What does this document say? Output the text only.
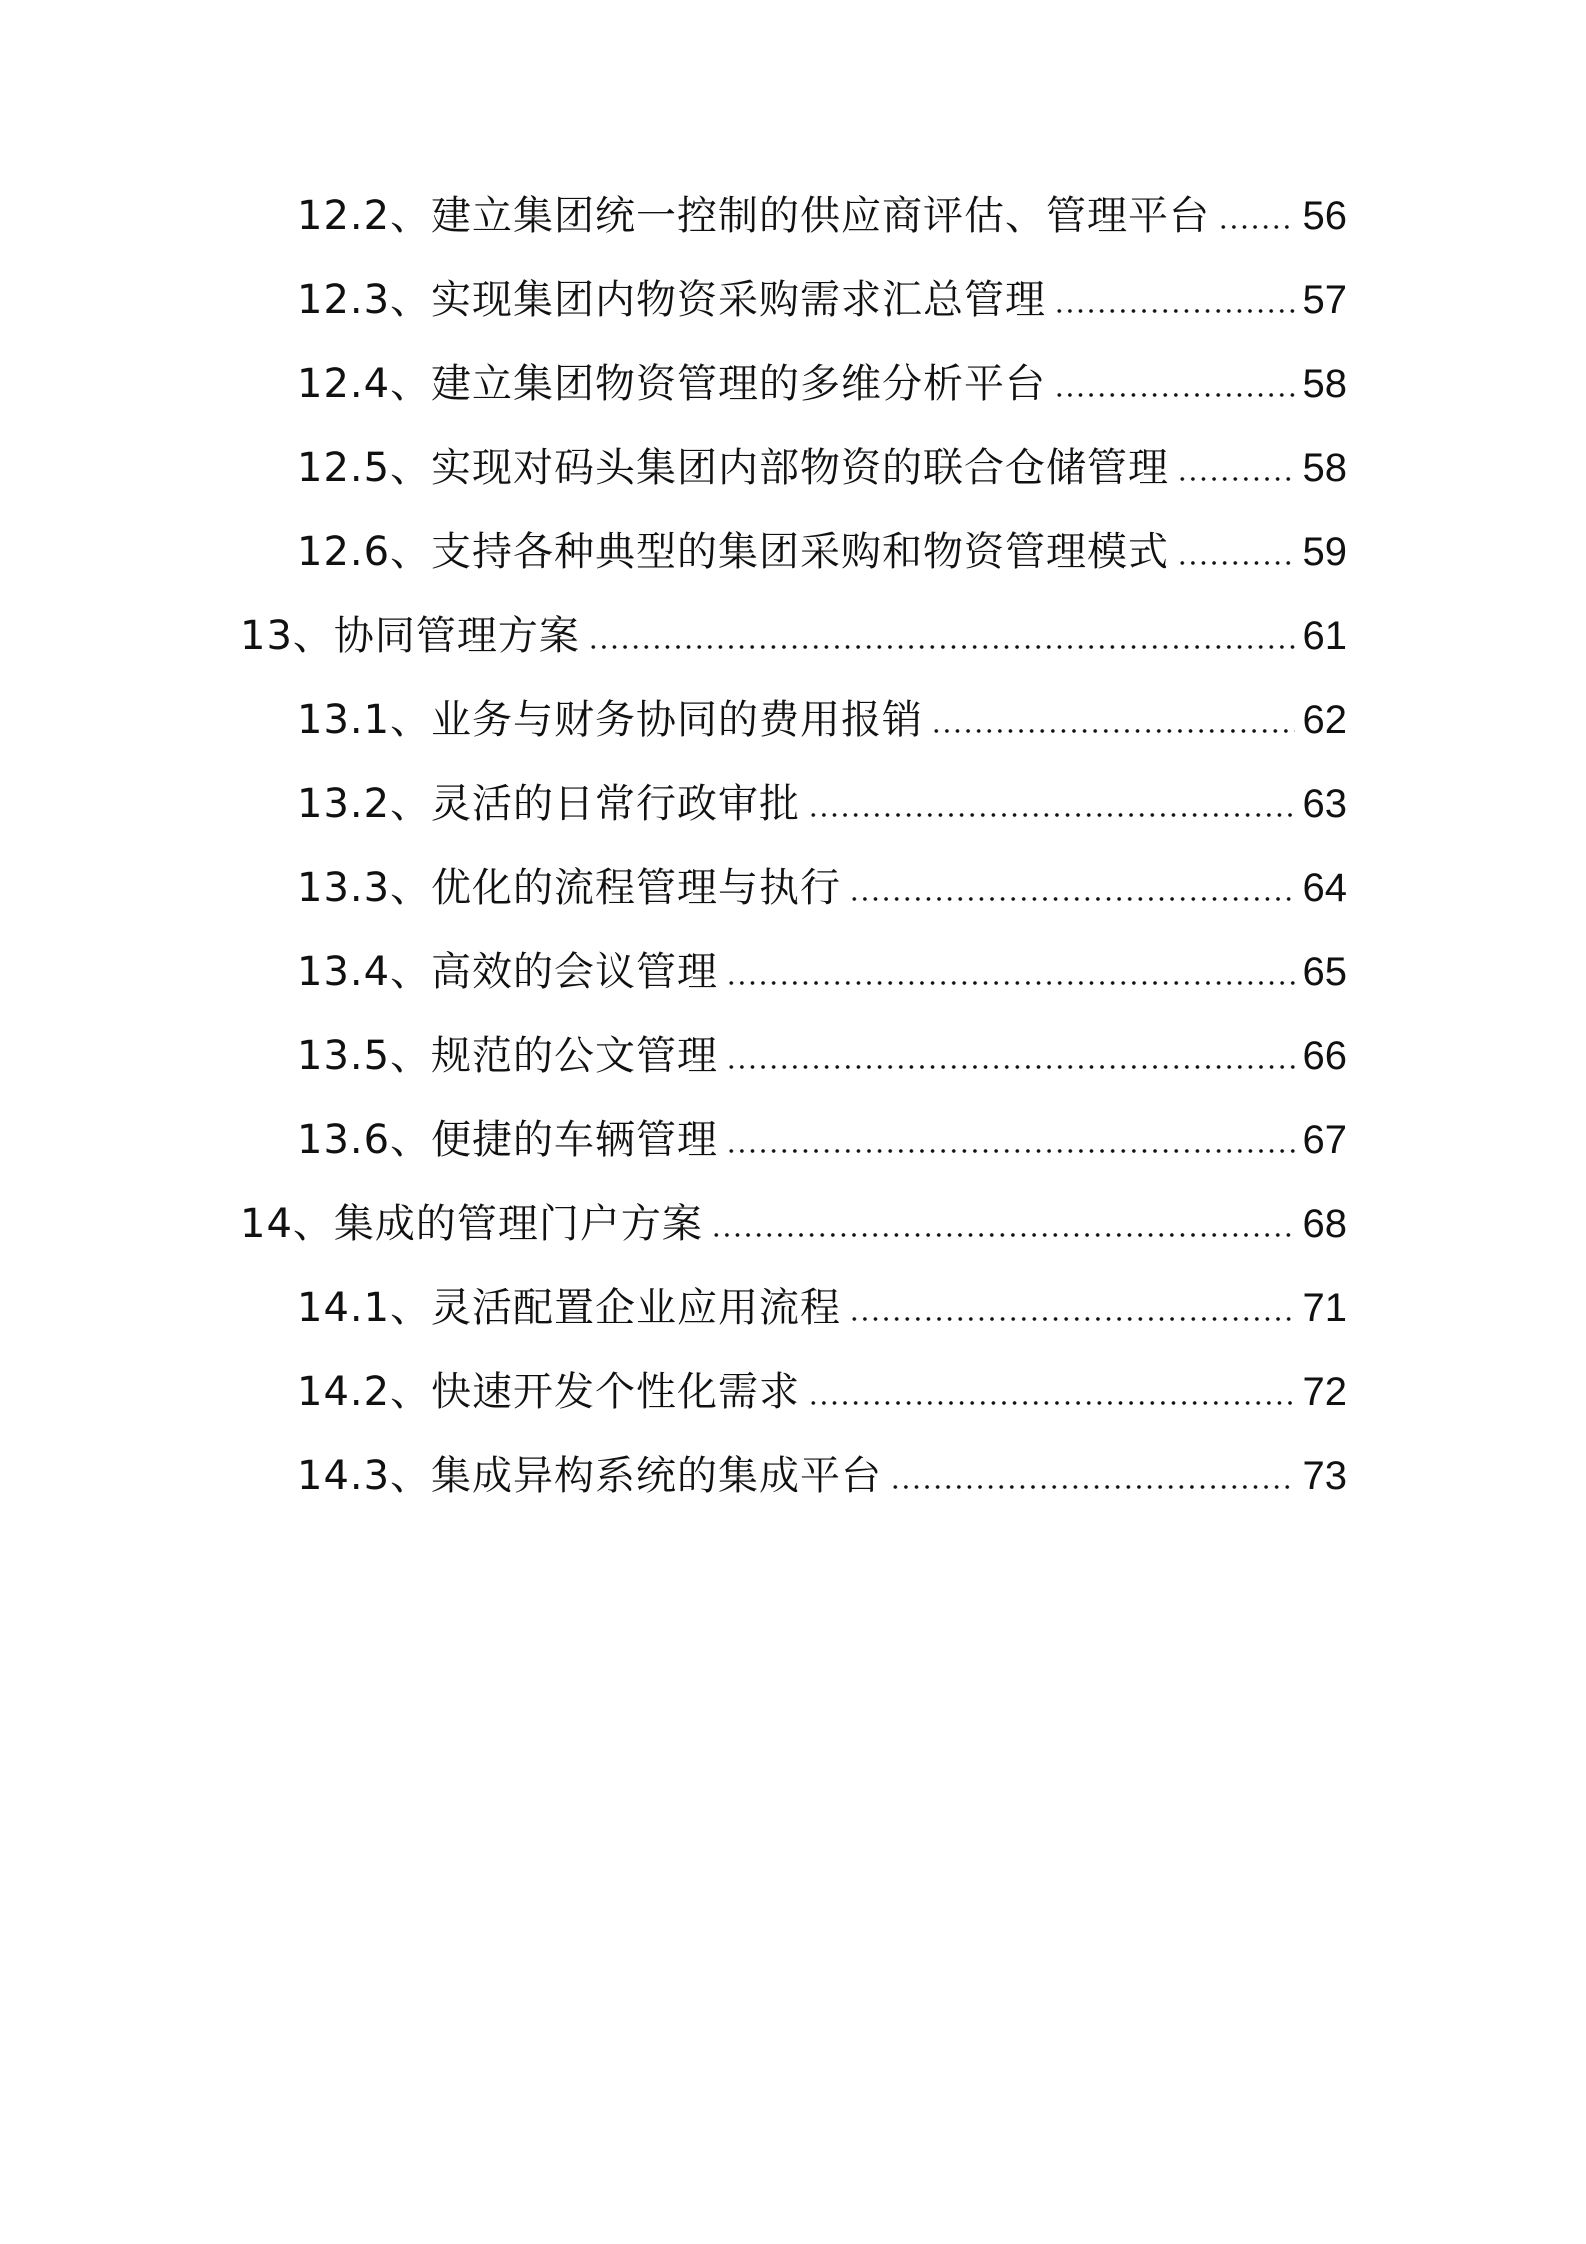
12.2、建立集团统一控制的供应商评估、管理平台 56
12.3、实现集团内物资采购需求汇总管理	57
12.4、建立集团物资管理的多维分析平台	58
12.5、实现对码头集团内部物资的联合仓储管理	58
12.6、支持各种典型的集团采购和物资管理模式	59
13、协同管理方案	61
13.1、业务与财务协同的费用报销	62
13.2、灵活的日常行政审批	63
13.3、优化的流程管理与执行	64
13.4、高效的会议管理	65
13.5、规范的公文管理	66
13.6、便捷的车辆管理	67
14、集成的管理门户方案	68
14.1、灵活配置企业应用流程	71
14.2、快速开发个性化需求	72
14.3、集成异构系统的集成平台	73
